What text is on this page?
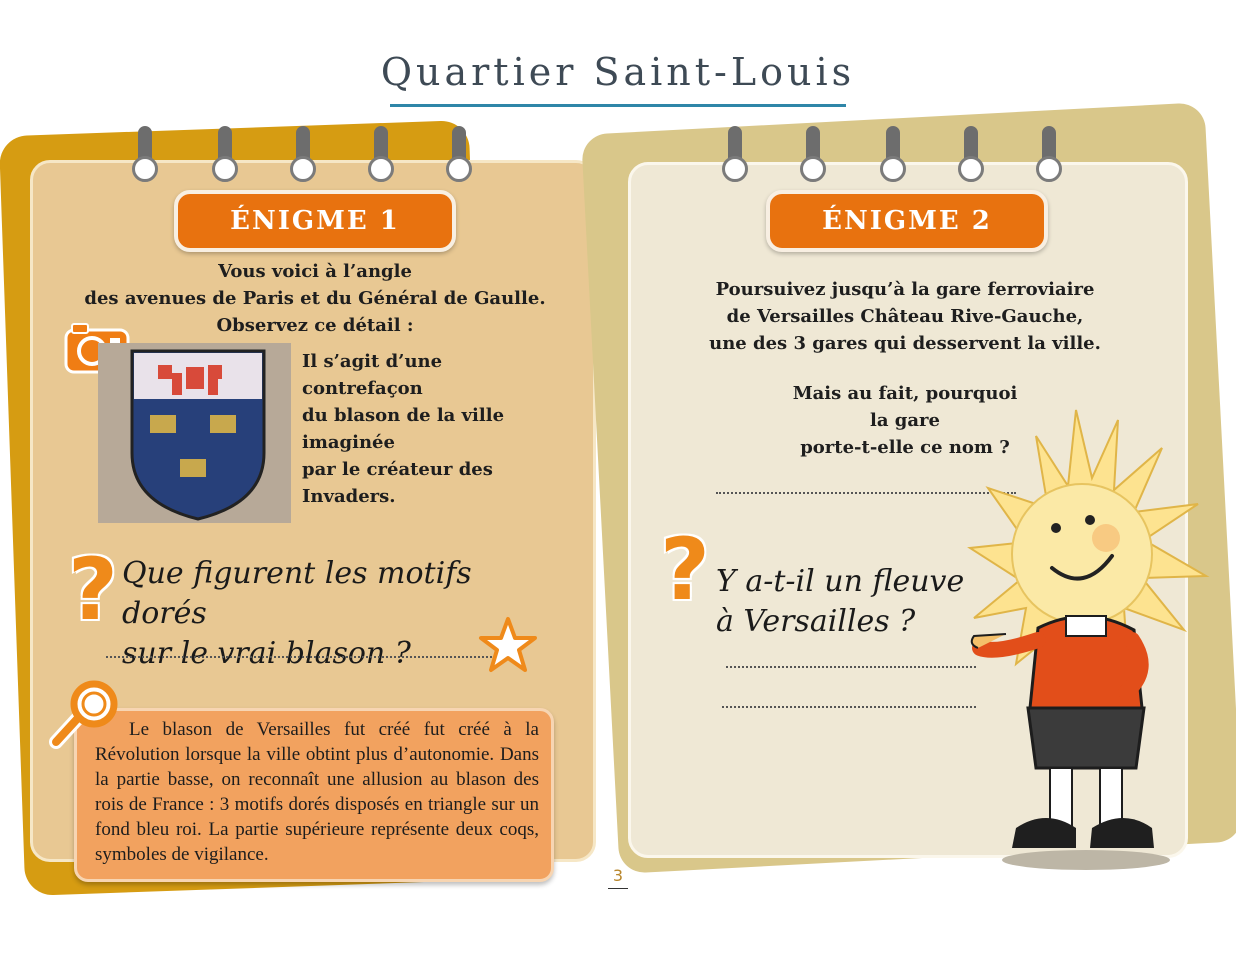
Quartier Saint-Louis
ÉNIGME 1
Vous voici à l’angle
des avenues de Paris et du Général de Gaulle.
Observez ce détail :
Il s’agit d’une
contrefaçon
du blason de la ville
imaginée
par le créateur des
Invaders.
? Que figurent les motifs dorés
sur le vrai blason ?
Le blason de Versailles fut créé fut créé à la Révolution lorsque la ville obtint plus d’autonomie. Dans la partie basse, on reconnaît une allusion au blason des rois de France : 3 motifs dorés disposés en triangle sur un fond bleu roi. La partie supérieure représente deux coqs, symboles de vigilance.
ÉNIGME 2
Poursuivez jusqu’à la gare ferroviaire
de Versailles Château Rive-Gauche,
une des 3 gares qui desservent la ville.
Mais au fait, pourquoi
la gare
porte-t-elle ce nom ?
? Y a-t-il un fleuve
à Versailles ?
3
